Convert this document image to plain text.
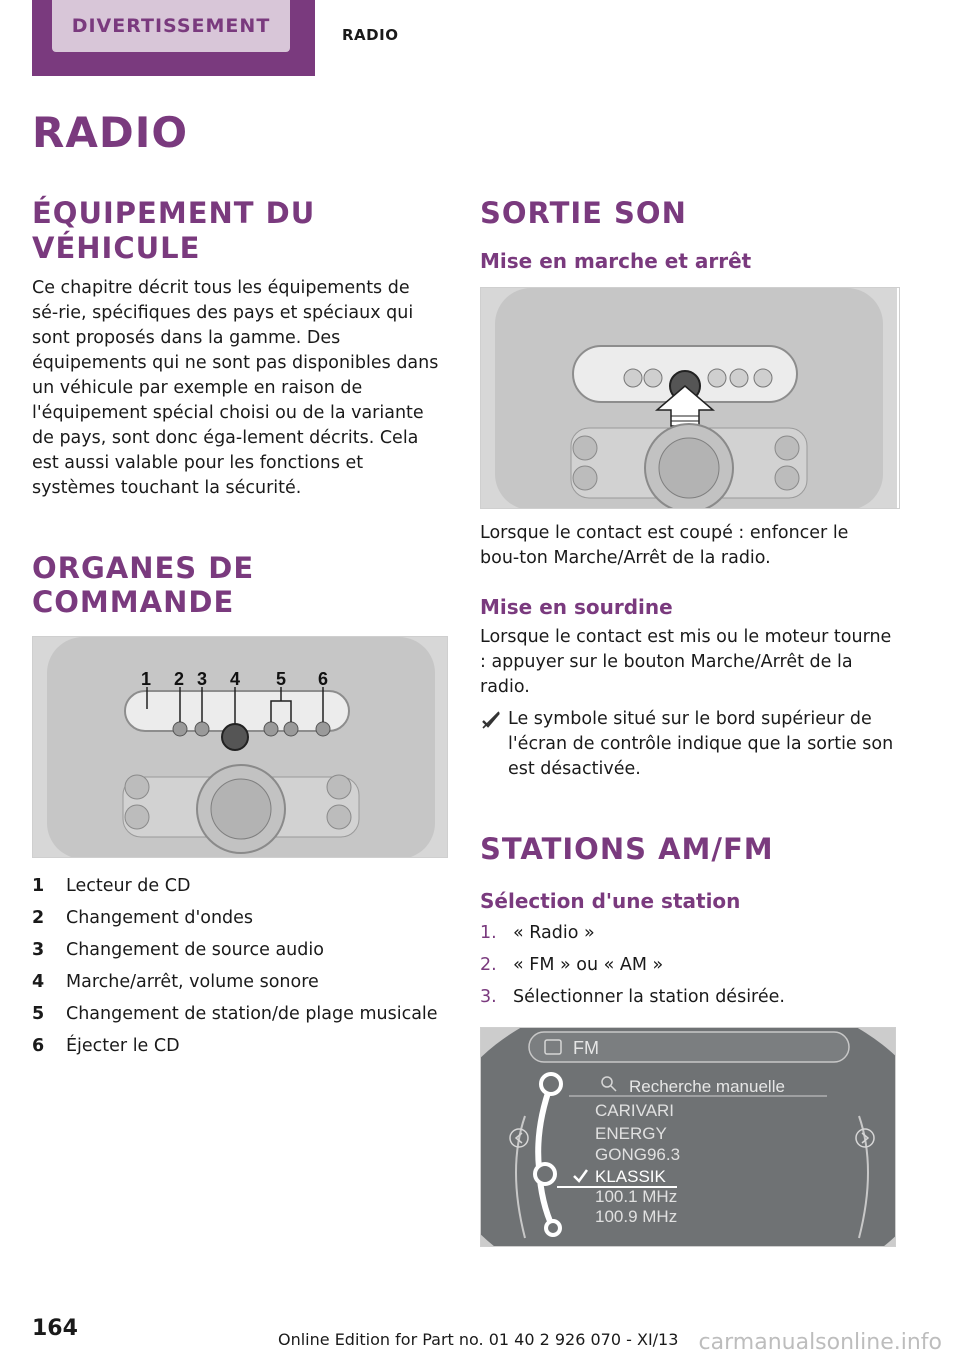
DIVERTISSEMENT	RADIO
RADIO
ÉQUIPEMENT DU VÉHICULE

Ce chapitre décrit tous les équipements de sé‑rie, spécifiques des pays et spéciaux qui sont proposés dans la gamme. Des équipements qui ne sont pas disponibles dans un véhicule par exemple en raison de l'équipement spécial choisi ou de la variante de pays, sont donc éga‑lement décrits. Cela est aussi valable pour les fonctions et systèmes touchant la sécurité.

ORGANES DE COMMANDE
1 2 3 4 5 6
1	Lecteur de CD
2	Changement d'ondes
3	Changement de source audio
4	Marche/arrêt, volume sonore
5	Changement de station/de plage musicale
6	Éjecter le CD
SORTIE SON
Mise en marche et arrêt

Lorsque le contact est coupé : enfoncer le bou‑ton Marche/Arrêt de la radio.

Mise en sourdine

Lorsque le contact est mis ou le moteur tourne : appuyer sur le bouton Marche/Arrêt de la radio.

Le symbole situé sur le bord supérieur de l'écran de contrôle indique que la sortie son est désactivée.

STATIONS AM/FM
Sélection d'une station
1. « Radio »
2. « FM » ou « AM »
3. Sélectionner la station désirée.
FM
Recherche manuelle
CARIVARI
ENERGY
GONG96.3
KLASSIK
100.1 MHz
100.9 MHz
164	Online Edition for Part no. 01 40 2 926 070 - XI/13 carmanualsonline.info
